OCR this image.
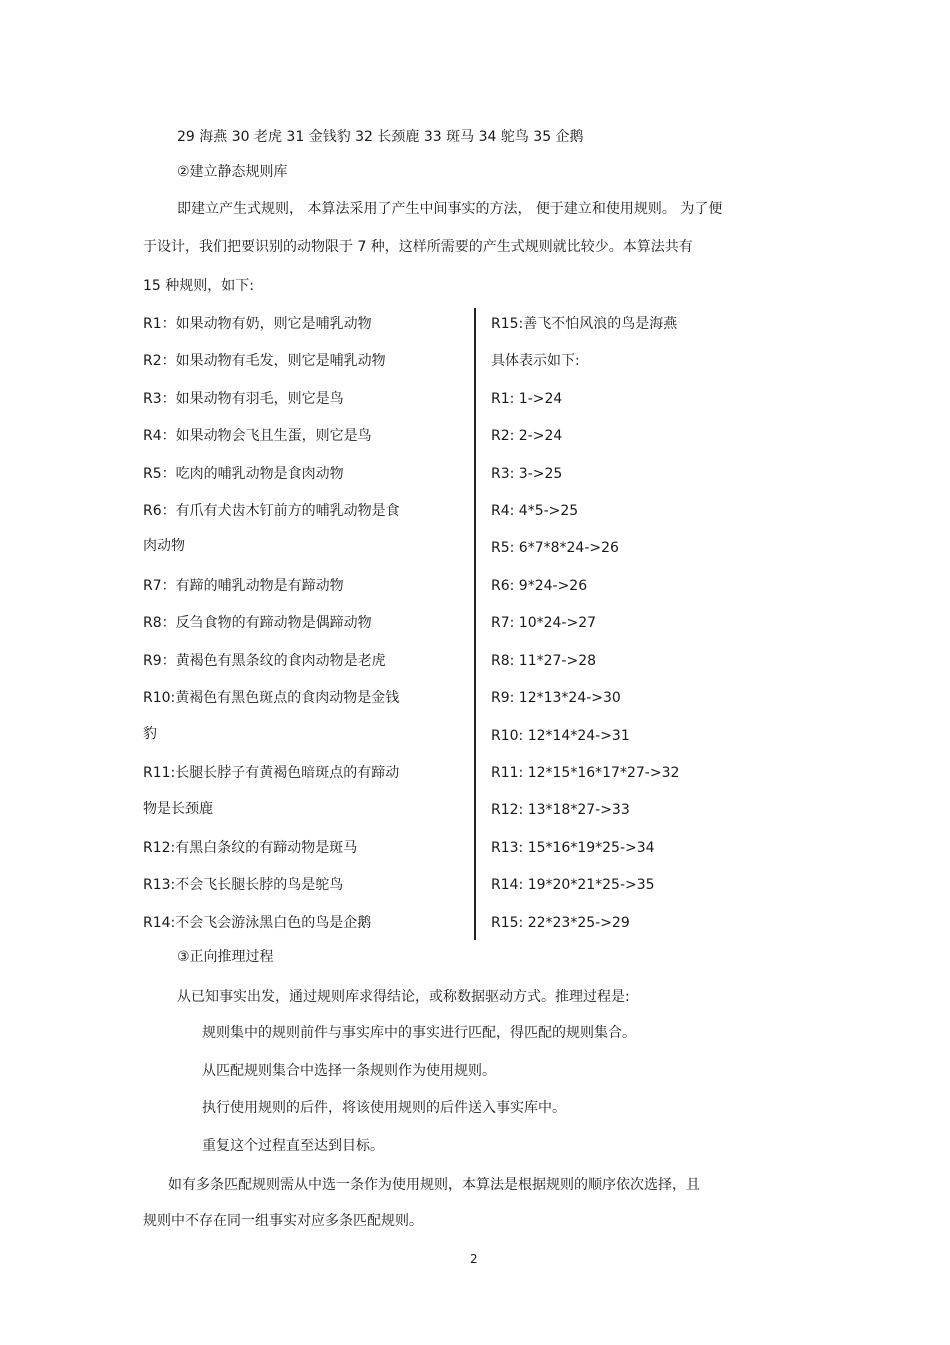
29 海燕 30 老虎 31 金钱豹 32 长颈鹿 33 斑马 34 鸵鸟 35 企鹅
②建立静态规则库
即建立产生式规则， 本算法采用了产生中间事实的方法， 便于建立和使用规则。 为了便
于设计，我们把要识别的动物限于 7 种，这样所需要的产生式规则就比较少。本算法共有
15 种规则，如下:
R1：如果动物有奶，则它是哺乳动物
R2：如果动物有毛发，则它是哺乳动物
R3：如果动物有羽毛，则它是鸟
R4：如果动物会飞且生蛋，则它是鸟
R5：吃肉的哺乳动物是食肉动物
R6：有爪有犬齿木钉前方的哺乳动物是食
肉动物
R7：有蹄的哺乳动物是有蹄动物
R8：反刍食物的有蹄动物是偶蹄动物
R9：黄褐色有黑条纹的食肉动物是老虎
R10:黄褐色有黑色斑点的食肉动物是金钱
豹
R11:长腿长脖子有黄褐色暗斑点的有蹄动
物是长颈鹿
R12:有黑白条纹的有蹄动物是斑马
R13:不会飞长腿长脖的鸟是鸵鸟
R14:不会飞会游泳黑白色的鸟是企鹅
R15:善飞不怕风浪的鸟是海燕
具体表示如下:
R1: 1->24
R2: 2->24
R3: 3->25
R4: 4*5->25
R5: 6*7*8*24->26
R6: 9*24->26
R7: 10*24->27
R8: 11*27->28
R9: 12*13*24->30
R10: 12*14*24->31
R11: 12*15*16*17*27->32
R12: 13*18*27->33
R13: 15*16*19*25->34
R14: 19*20*21*25->35
R15: 22*23*25->29
③正向推理过程
从已知事实出发，通过规则库求得结论，或称数据驱动方式。推理过程是:
规则集中的规则前件与事实库中的事实进行匹配，得匹配的规则集合。
从匹配规则集合中选择一条规则作为使用规则。
执行使用规则的后件，将该使用规则的后件送入事实库中。
重复这个过程直至达到目标。
如有多条匹配规则需从中选一条作为使用规则，本算法是根据规则的顺序依次选择，且
规则中不存在同一组事实对应多条匹配规则。
2
